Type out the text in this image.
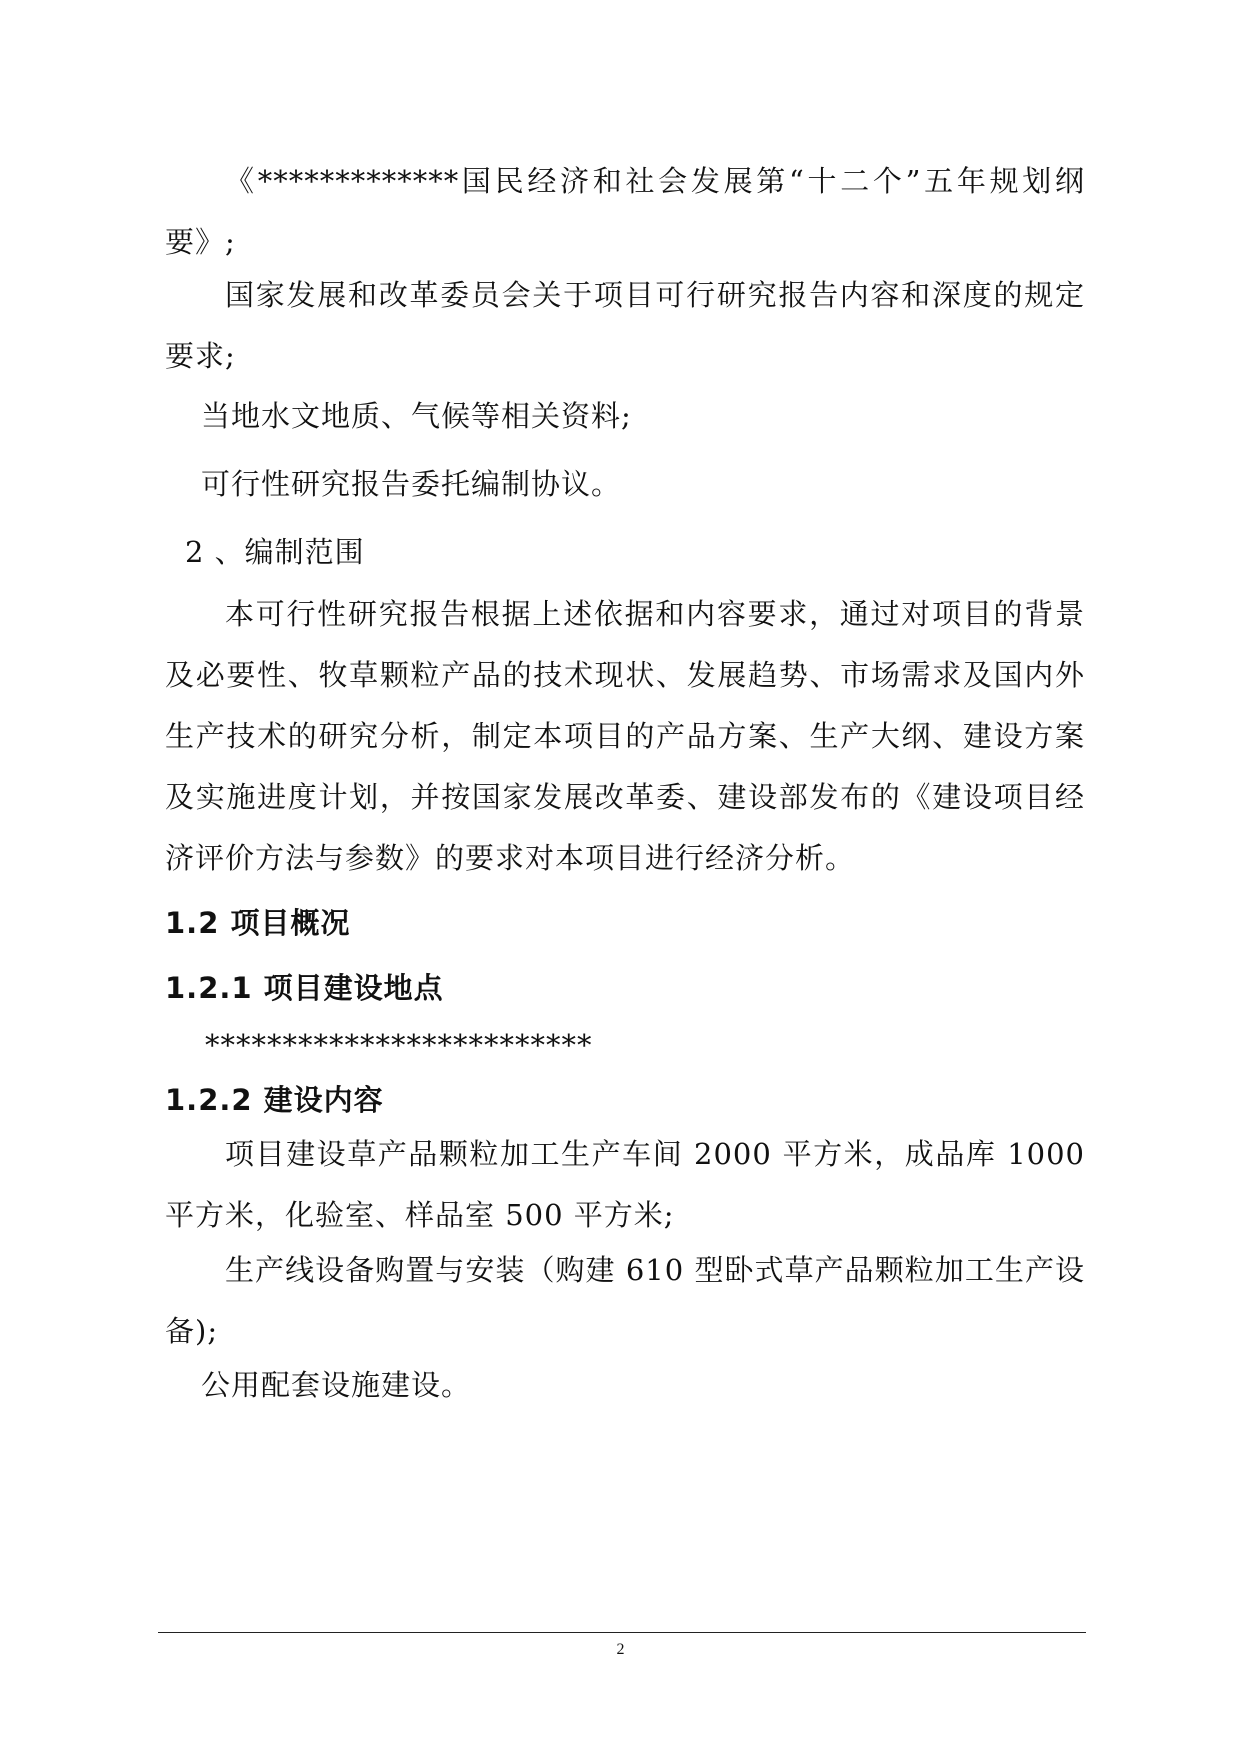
《*************国民经济和社会发展第“十二个”五年规划纲要》;

国家发展和改革委员会关于项目可行研究报告内容和深度的规定要求;

当地水文地质、气候等相关资料;

可行性研究报告委托编制协议。

2 、编制范围

本可行性研究报告根据上述依据和内容要求，通过对项目的背景及必要性、牧草颗粒产品的技术现状、发展趋势、市场需求及国内外生产技术的研究分析，制定本项目的产品方案、生产大纲、建设方案及实施进度计划，并按国家发展改革委、建设部发布的《建设项目经济评价方法与参数》的要求对本项目进行经济分析。

1.2 项目概况

1.2.1 项目建设地点

*************************

1.2.2 建设内容

项目建设草产品颗粒加工生产车间 2000 平方米，成品库 1000 平方米，化验室、样品室 500 平方米;

生产线设备购置与安装（购建 610 型卧式草产品颗粒加工生产设备);

公用配套设施建设。

2
